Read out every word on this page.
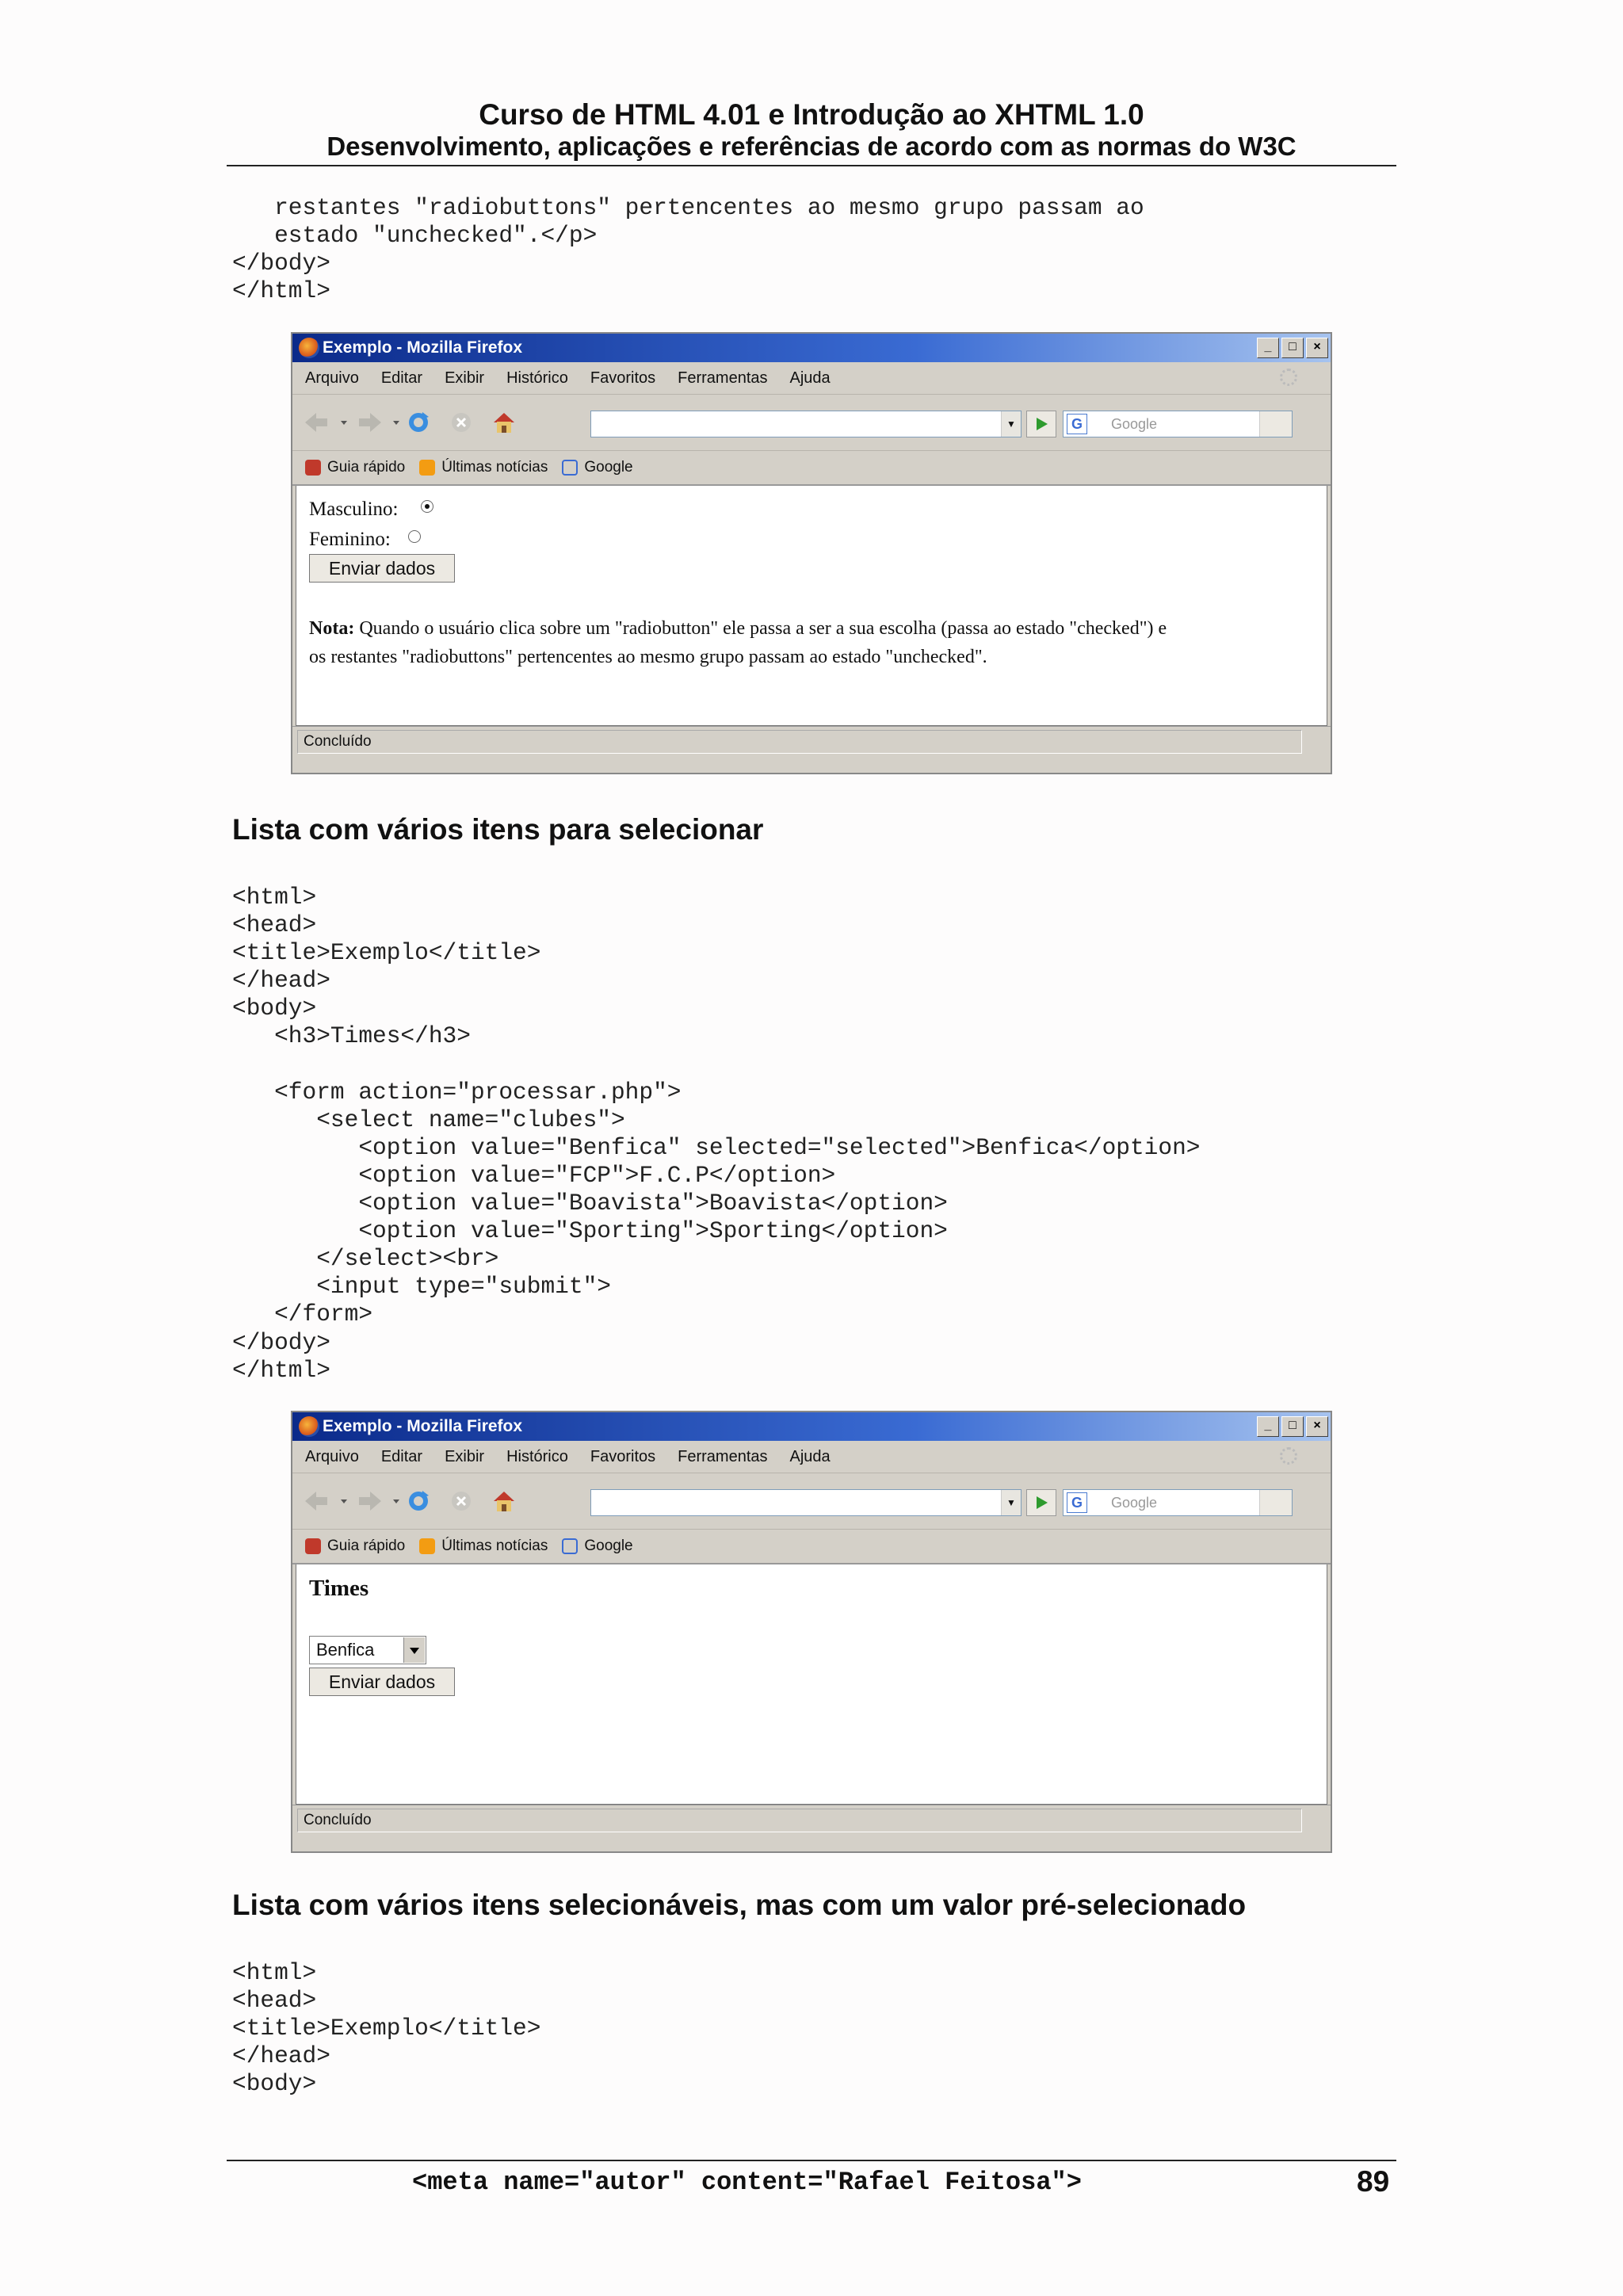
Curso de HTML 4.01 e Introdução ao XHTML 1.0
Desenvolvimento, aplicações e referências de acordo com as normas do W3C
restantes "radiobuttons" pertencentes ao mesmo grupo passam ao
estado "unchecked".</p>
</body>
</html>
Exemplo - Mozilla Firefox	_	□	×
Arquivo Editar Exibir Histórico Favoritos Ferramentas Ajuda
▼	G	Google
Guia rápido Últimas notícias Google
Masculino:
Feminino:
Enviar dados
Nota: Quando o usuário clica sobre um "radiobutton" ele passa a ser a sua escolha (passa ao estado "checked") e
os restantes "radiobuttons" pertencentes ao mesmo grupo passam ao estado "unchecked".
Concluído
Lista com vários itens para selecionar
<html>
<head>
<title>Exemplo</title>
</head>
<body>
<h3>Times</h3>

<form action="processar.php">
<select name="clubes">
<option value="Benfica" selected="selected">Benfica</option>
<option value="FCP">F.C.P</option>
<option value="Boavista">Boavista</option>
<option value="Sporting">Sporting</option>
</select><br>
<input type="submit">
</form>
</body>
</html>
Exemplo - Mozilla Firefox	_	□	×
Arquivo Editar Exibir Histórico Favoritos Ferramentas Ajuda
▼	G	Google
Guia rápido Últimas notícias Google
Times
Benfica
Enviar dados
Concluído
Lista com vários itens selecionáveis, mas com um valor pré-selecionado
<html>
<head>
<title>Exemplo</title>
</head>
<body>
<meta name="autor" content="Rafael Feitosa">	89
